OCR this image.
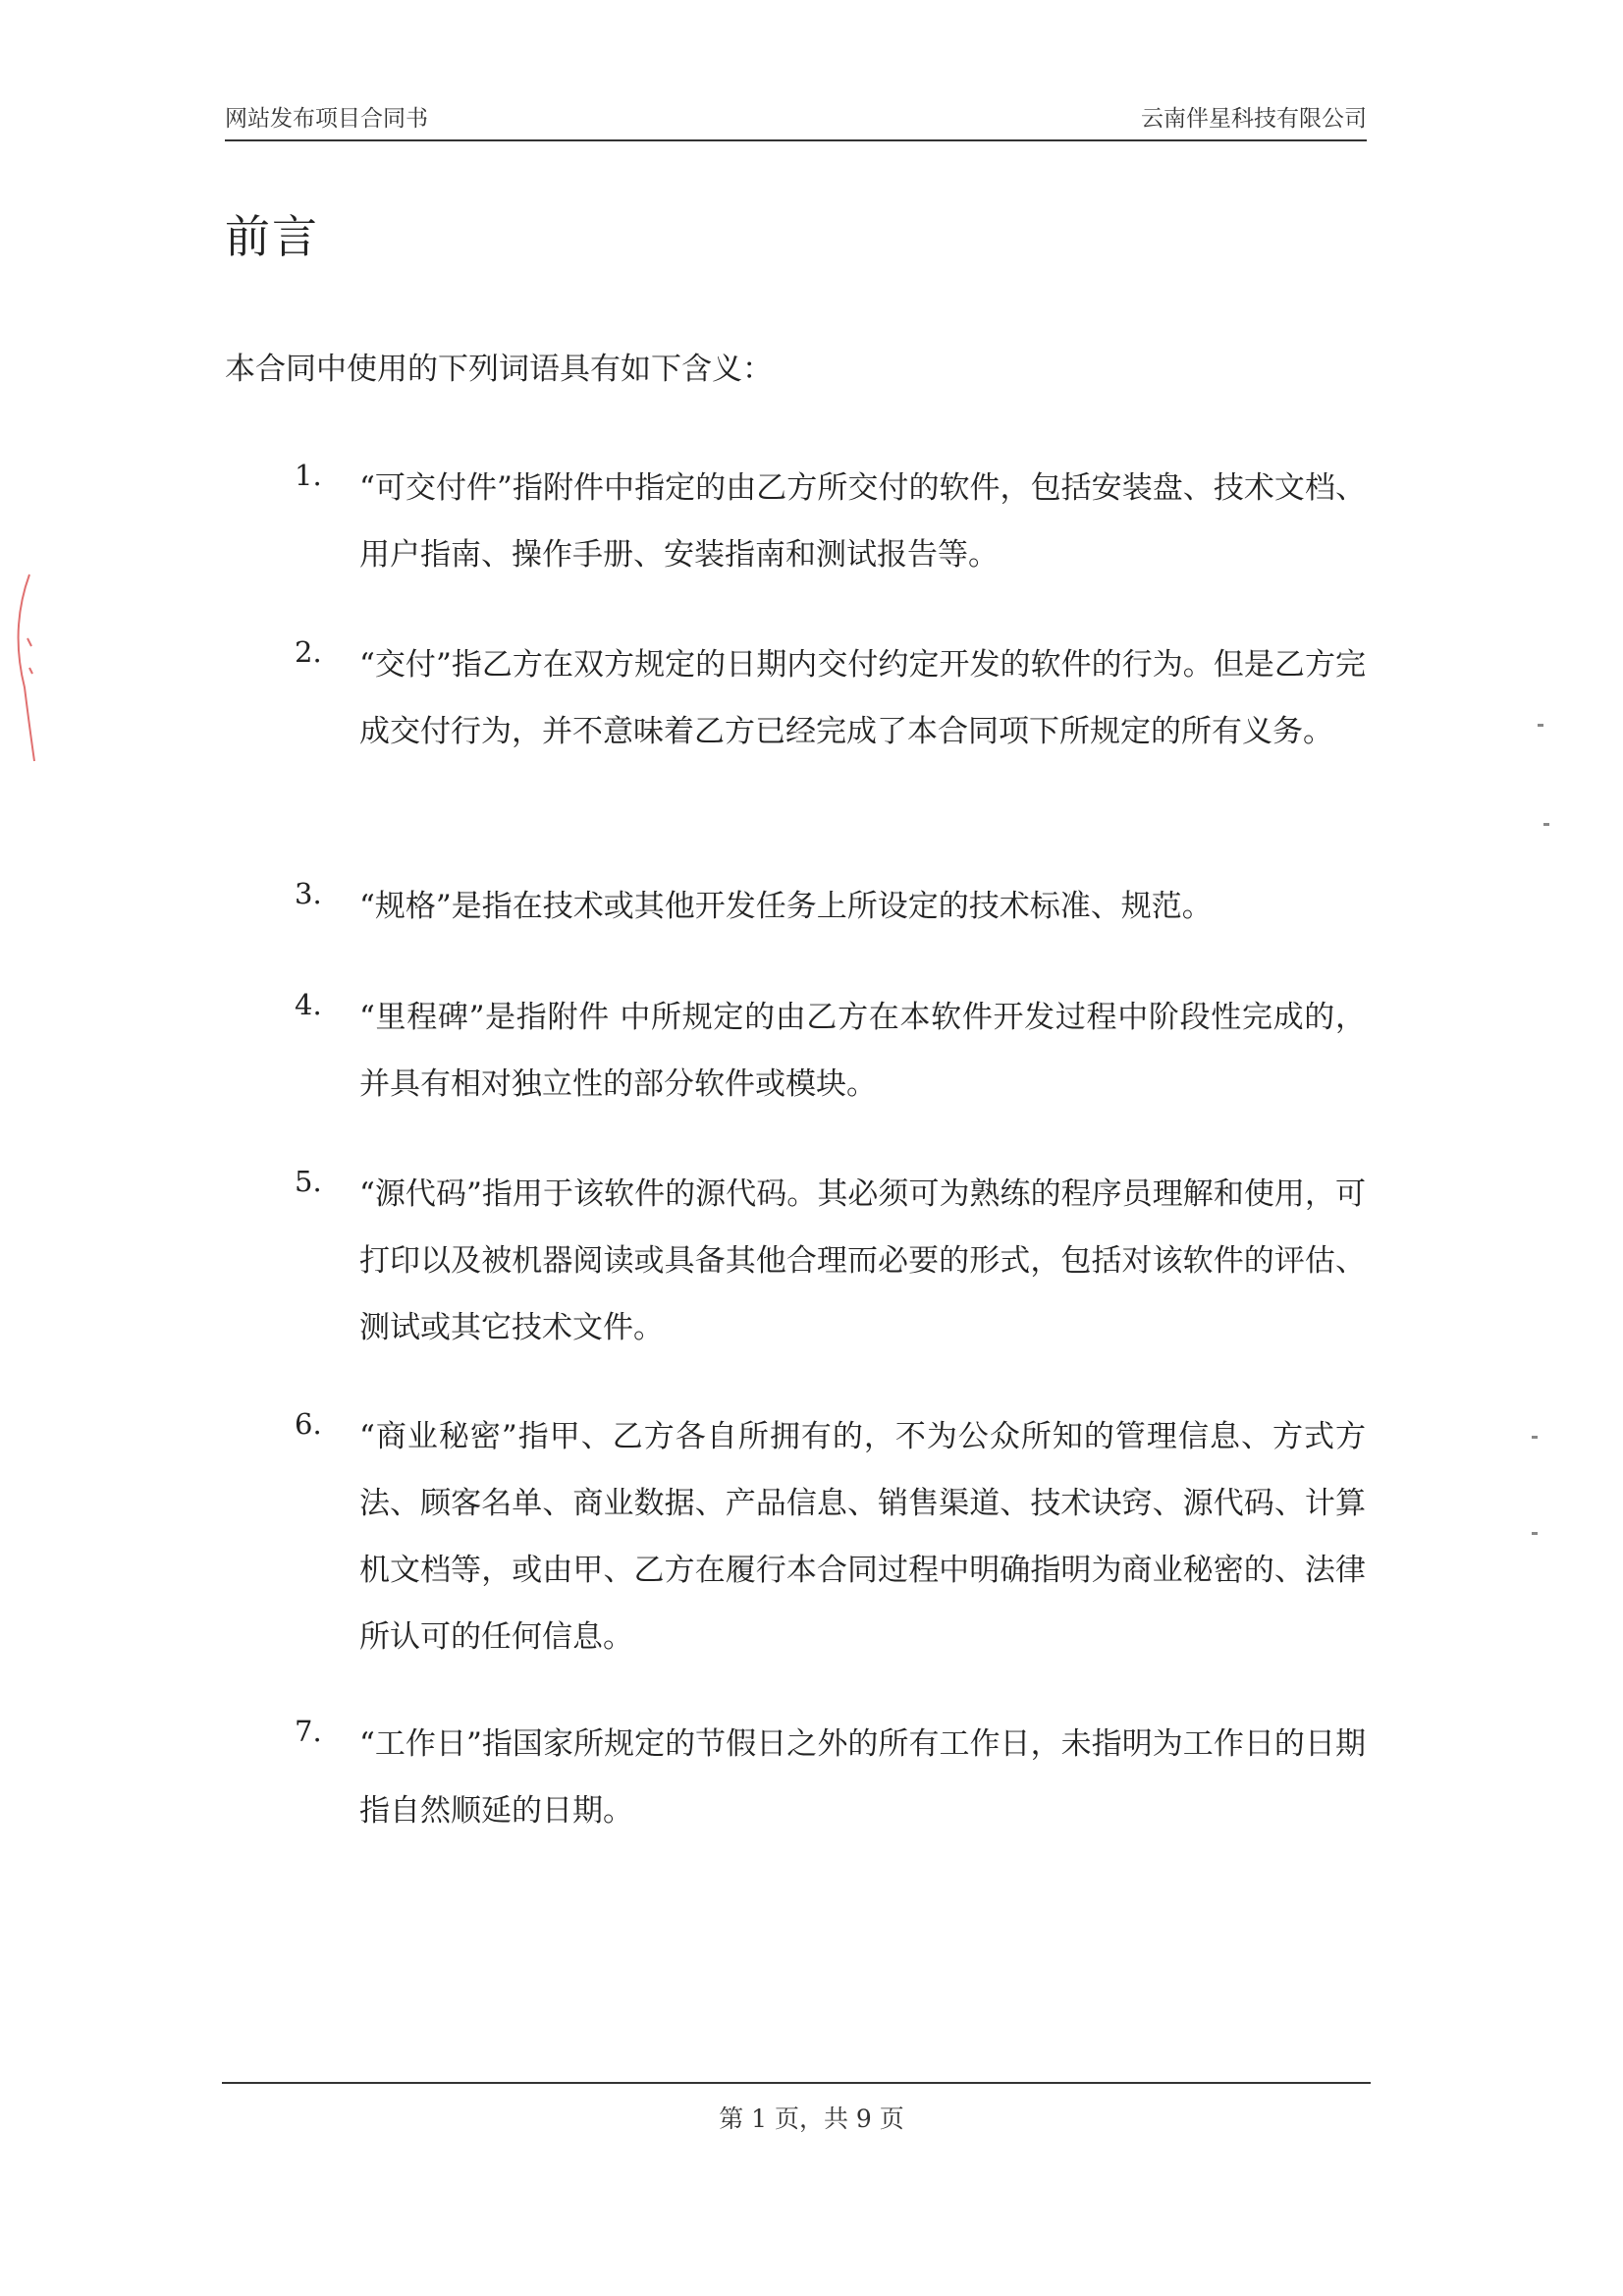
网站发布项目合同书	云南伴星科技有限公司
前言
本合同中使用的下列词语具有如下含义：
1. “可交付件”指附件中指定的由乙方所交付的软件，包括安装盘、技术文档、用户指南、操作手册、安装指南和测试报告等。
2. “交付”指乙方在双方规定的日期内交付约定开发的软件的行为。但是乙方完成交付行为，并不意味着乙方已经完成了本合同项下所规定的所有义务。
3. “规格”是指在技术或其他开发任务上所设定的技术标准、规范。
4. “里程碑”是指附件 中所规定的由乙方在本软件开发过程中阶段性完成的，并具有相对独立性的部分软件或模块。
5. “源代码”指用于该软件的源代码。其必须可为熟练的程序员理解和使用，可打印以及被机器阅读或具备其他合理而必要的形式，包括对该软件的评估、测试或其它技术文件。
6. “商业秘密”指甲、乙方各自所拥有的，不为公众所知的管理信息、方式方法、顾客名单、商业数据、产品信息、销售渠道、技术诀窍、源代码、计算机文档等，或由甲、乙方在履行本合同过程中明确指明为商业秘密的、法律所认可的任何信息。
7. “工作日”指国家所规定的节假日之外的所有工作日，未指明为工作日的日期指自然顺延的日期。
第 1 页，共 9 页
